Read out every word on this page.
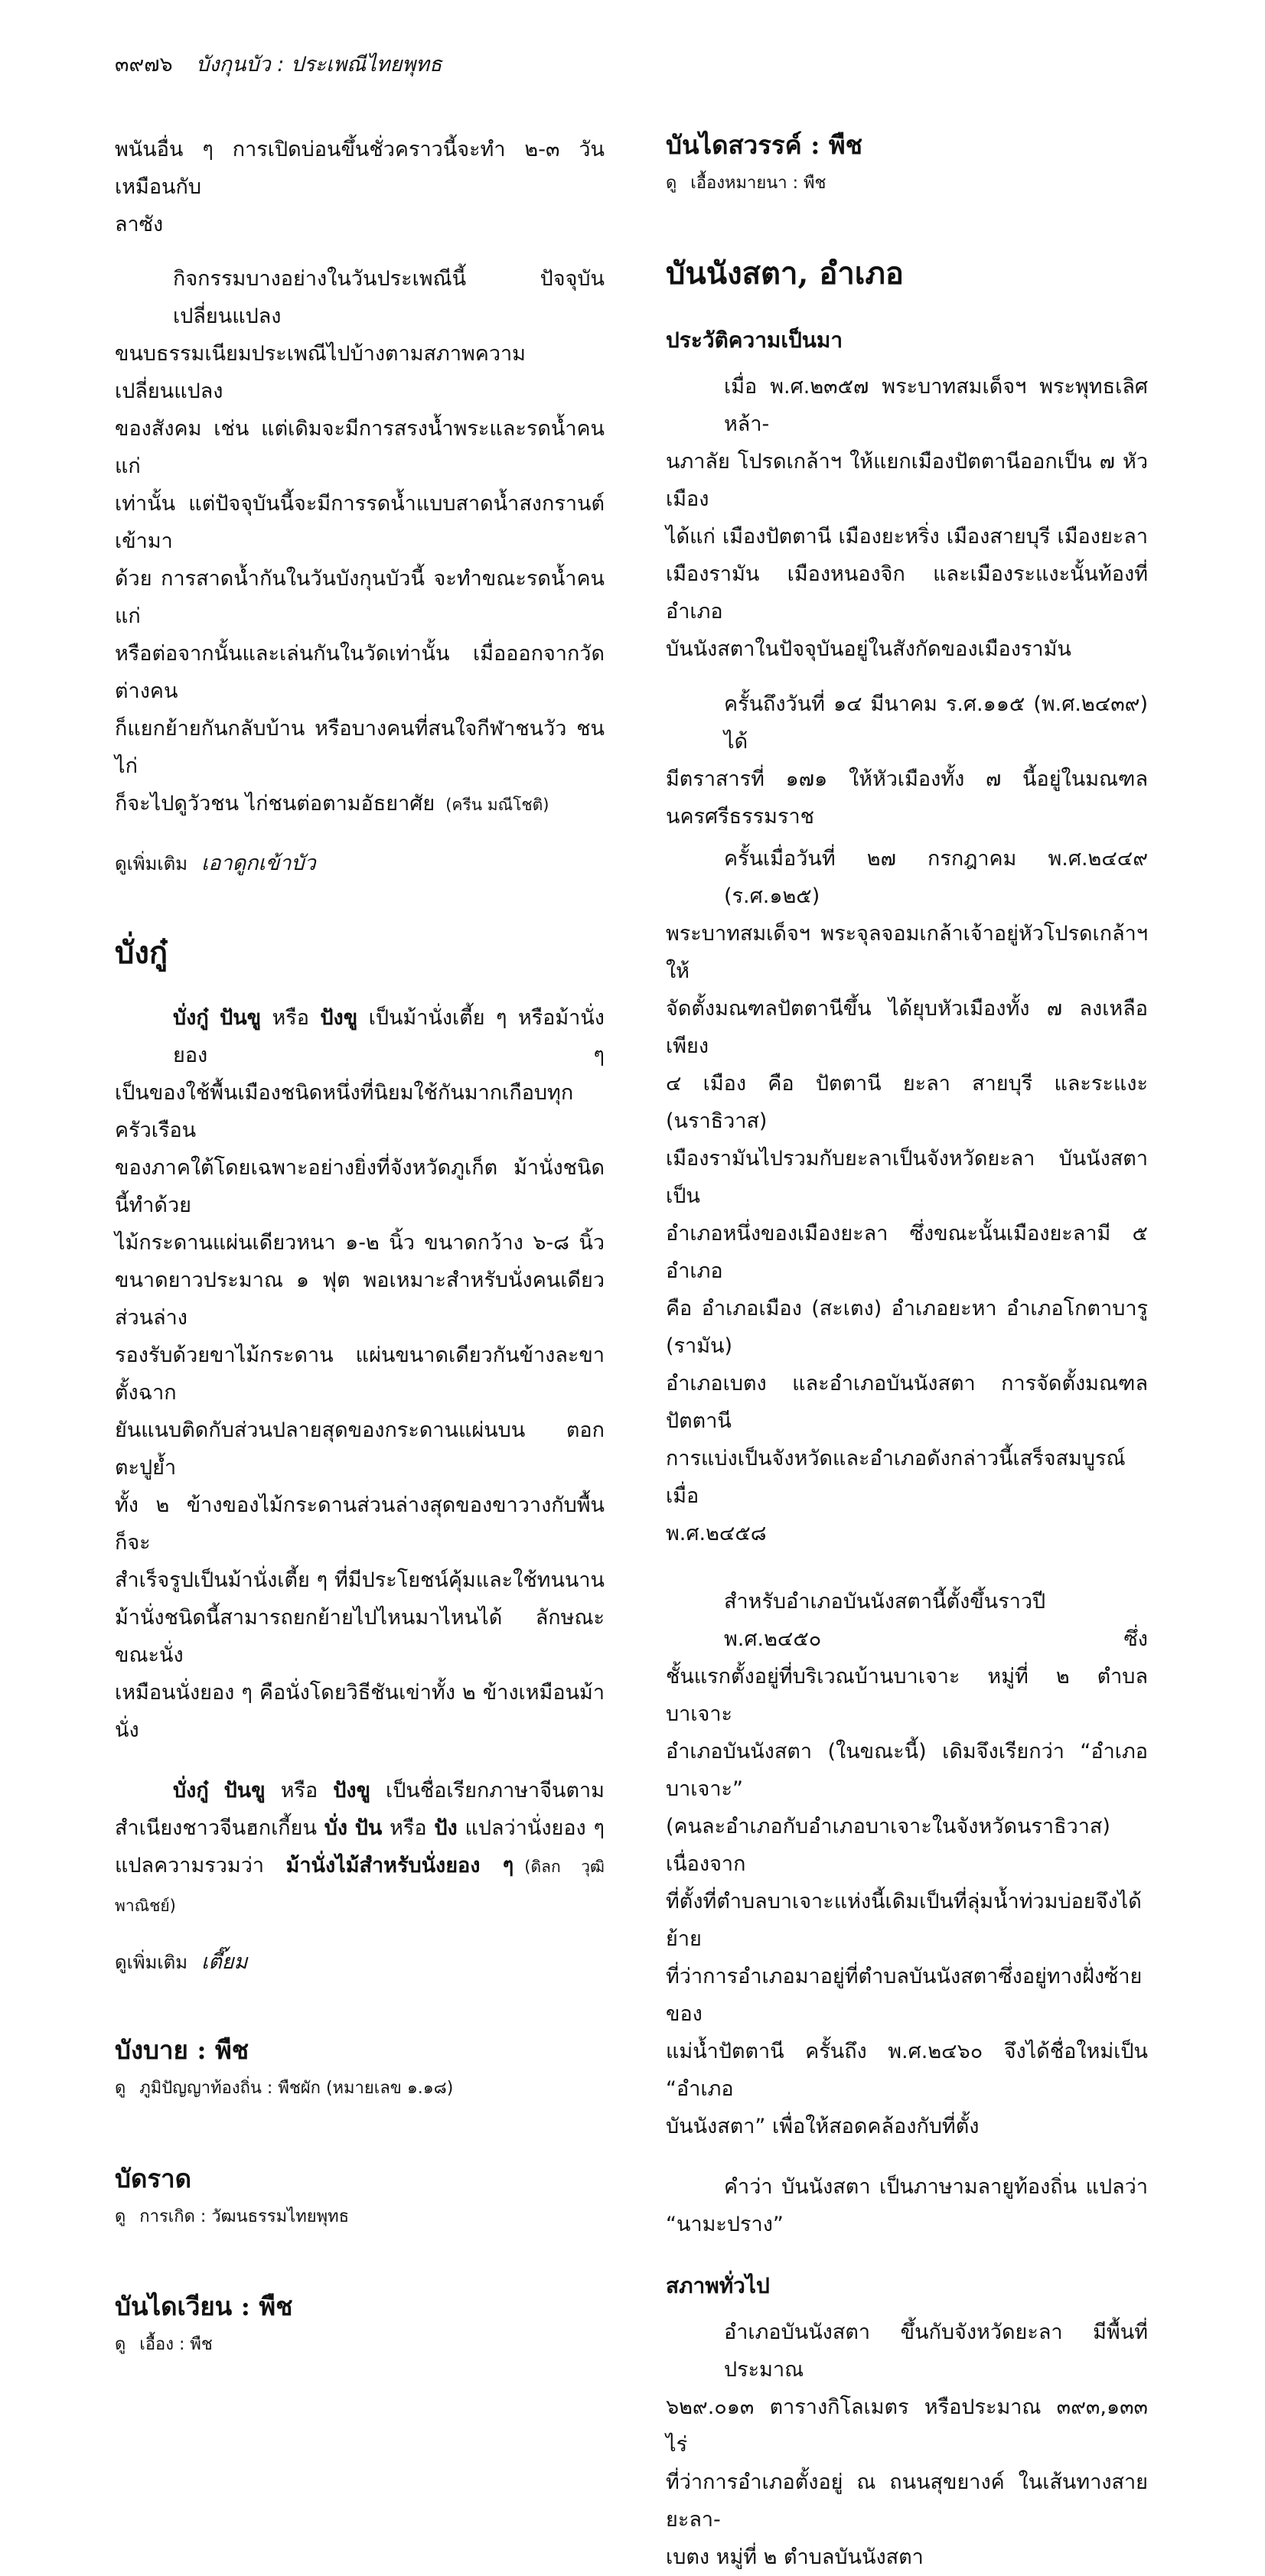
๓๙๗๖ บังกุนบัว : ประเพณีไทยพุทธ
พนันอื่น ๆ การเปิดบ่อนขึ้นชั่วคราวนี้จะทำ ๒-๓ วันเหมือนกับ
ลาซัง
กิจกรรมบางอย่างในวันประเพณีนี้ ปัจจุบันเปลี่ยนแปลง
ขนบธรรมเนียมประเพณีไปบ้างตามสภาพความเปลี่ยนแปลง
ของสังคม เช่น แต่เดิมจะมีการสรงน้ำพระและรดน้ำคนแก่
เท่านั้น แต่ปัจจุบันนี้จะมีการรดน้ำแบบสาดน้ำสงกรานต์เข้ามา
ด้วย การสาดน้ำกันในวันบังกุนบัวนี้ จะทำขณะรดน้ำคนแก่
หรือต่อจากนั้นและเล่นกันในวัดเท่านั้น เมื่อออกจากวัดต่างคน
ก็แยกย้ายกันกลับบ้าน หรือบางคนที่สนใจกีฬาชนวัว ชนไก่
ก็จะไปดูวัวชน ไก่ชนต่อตามอัธยาศัย (ครีน มณีโชติ)
ดูเพิ่มเติม เอาดูกเข้าบัว
บั่งกู๋
บั่งกู๋ ปันขู หรือ ปังขู เป็นม้านั่งเตี้ย ๆ หรือม้านั่งยอง ๆ
เป็นของใช้พื้นเมืองชนิดหนึ่งที่นิยมใช้กันมากเกือบทุกครัวเรือน
ของภาคใต้โดยเฉพาะอย่างยิ่งที่จังหวัดภูเก็ต ม้านั่งชนิดนี้ทำด้วย
ไม้กระดานแผ่นเดียวหนา ๑-๒ นิ้ว ขนาดกว้าง ๖-๘ นิ้ว
ขนาดยาวประมาณ ๑ ฟุต พอเหมาะสำหรับนั่งคนเดียว ส่วนล่าง
รองรับด้วยขาไม้กระดาน แผ่นขนาดเดียวกันข้างละขา ตั้งฉาก
ยันแนบติดกับส่วนปลายสุดของกระดานแผ่นบน ตอกตะปูย้ำ
ทั้ง ๒ ข้างของไม้กระดานส่วนล่างสุดของขาวางกับพื้น ก็จะ
สำเร็จรูปเป็นม้านั่งเตี้ย ๆ ที่มีประโยชน์คุ้มและใช้ทนนาน
ม้านั่งชนิดนี้สามารถยกย้ายไปไหนมาไหนได้ ลักษณะขณะนั่ง
เหมือนนั่งยอง ๆ คือนั่งโดยวิธีชันเข่าทั้ง ๒ ข้างเหมือนม้านั่ง
บั่งกู๋ ปันขู หรือ ปังขู เป็นชื่อเรียกภาษาจีนตาม
สำเนียงชาวจีนฮกเกี้ยน บั่ง ปัน หรือ ปัง แปลว่านั่งยอง ๆ
แปลความรวมว่า ม้านั่งไม้สำหรับนั่งยอง ๆ (ดิลก วุฒิพาณิชย์)
ดูเพิ่มเติม เตี๊ยม
บังบาย : พืช
ดู ภูมิปัญญาท้องถิ่น : พืชผัก (หมายเลข ๑.๑๘)
บัดราด
ดู การเกิด : วัฒนธรรมไทยพุทธ
บันไดเวียน : พืช
ดู เอื้อง : พืช
บันไดสวรรค์ : พืช
ดู เอื้องหมายนา : พืช
บันนังสตา, อำเภอ
ประวัติความเป็นมา
เมื่อ พ.ศ.๒๓๕๗ พระบาทสมเด็จฯ พระพุทธเลิศหล้า-
นภาลัย โปรดเกล้าฯ ให้แยกเมืองปัตตานีออกเป็น ๗ หัวเมือง
ได้แก่ เมืองปัตตานี เมืองยะหริ่ง เมืองสายบุรี เมืองยะลา
เมืองรามัน เมืองหนองจิก และเมืองระแงะนั้นท้องที่อำเภอ
บันนังสตาในปัจจุบันอยู่ในสังกัดของเมืองรามัน
ครั้นถึงวันที่ ๑๔ มีนาคม ร.ศ.๑๑๕ (พ.ศ.๒๔๓๙) ได้
มีตราสารที่ ๑๗๑ ให้หัวเมืองทั้ง ๗ นี้อยู่ในมณฑลนครศรีธรรมราช
ครั้นเมื่อวันที่ ๒๗ กรกฎาคม พ.ศ.๒๔๔๙ (ร.ศ.๑๒๕)
พระบาทสมเด็จฯ พระจุลจอมเกล้าเจ้าอยู่หัวโปรดเกล้าฯ ให้
จัดตั้งมณฑลปัตตานีขึ้น ได้ยุบหัวเมืองทั้ง ๗ ลงเหลือเพียง
๔ เมือง คือ ปัตตานี ยะลา สายบุรี และระแงะ (นราธิวาส)
เมืองรามันไปรวมกับยะลาเป็นจังหวัดยะลา บันนังสตาเป็น
อำเภอหนึ่งของเมืองยะลา ซึ่งขณะนั้นเมืองยะลามี ๕ อำเภอ
คือ อำเภอเมือง (สะเตง) อำเภอยะหา อำเภอโกตาบารู (รามัน)
อำเภอเบตง และอำเภอบันนังสตา การจัดตั้งมณฑลปัตตานี
การแบ่งเป็นจังหวัดและอำเภอดังกล่าวนี้เสร็จสมบูรณ์เมื่อ
พ.ศ.๒๔๕๘
สำหรับอำเภอบันนังสตานี้ตั้งขึ้นราวปี พ.ศ.๒๔๕๐ ซึ่ง
ชั้นแรกตั้งอยู่ที่บริเวณบ้านบาเจาะ หมู่ที่ ๒ ตำบลบาเจาะ
อำเภอบันนังสตา (ในขณะนี้) เดิมจึงเรียกว่า “อำเภอบาเจาะ”
(คนละอำเภอกับอำเภอบาเจาะในจังหวัดนราธิวาส) เนื่องจาก
ที่ตั้งที่ตำบลบาเจาะแห่งนี้เดิมเป็นที่ลุ่มน้ำท่วมบ่อยจึงได้ย้าย
ที่ว่าการอำเภอมาอยู่ที่ตำบลบันนังสตาซึ่งอยู่ทางฝั่งซ้ายของ
แม่น้ำปัตตานี ครั้นถึง พ.ศ.๒๔๖๐ จึงได้ชื่อใหม่เป็น “อำเภอ
บันนังสตา” เพื่อให้สอดคล้องกับที่ตั้ง
คำว่า บันนังสตา เป็นภาษามลายูท้องถิ่น แปลว่า
“นามะปราง”
สภาพทั่วไป
อำเภอบันนังสตา ขึ้นกับจังหวัดยะลา มีพื้นที่ประมาณ
๖๒๙.๐๑๓ ตารางกิโลเมตร หรือประมาณ ๓๙๓,๑๓๓ ไร่
ที่ว่าการอำเภอตั้งอยู่ ณ ถนนสุขยางค์ ในเส้นทางสายยะลา-
เบตง หมู่ที่ ๒ ตำบลบันนังสตา
